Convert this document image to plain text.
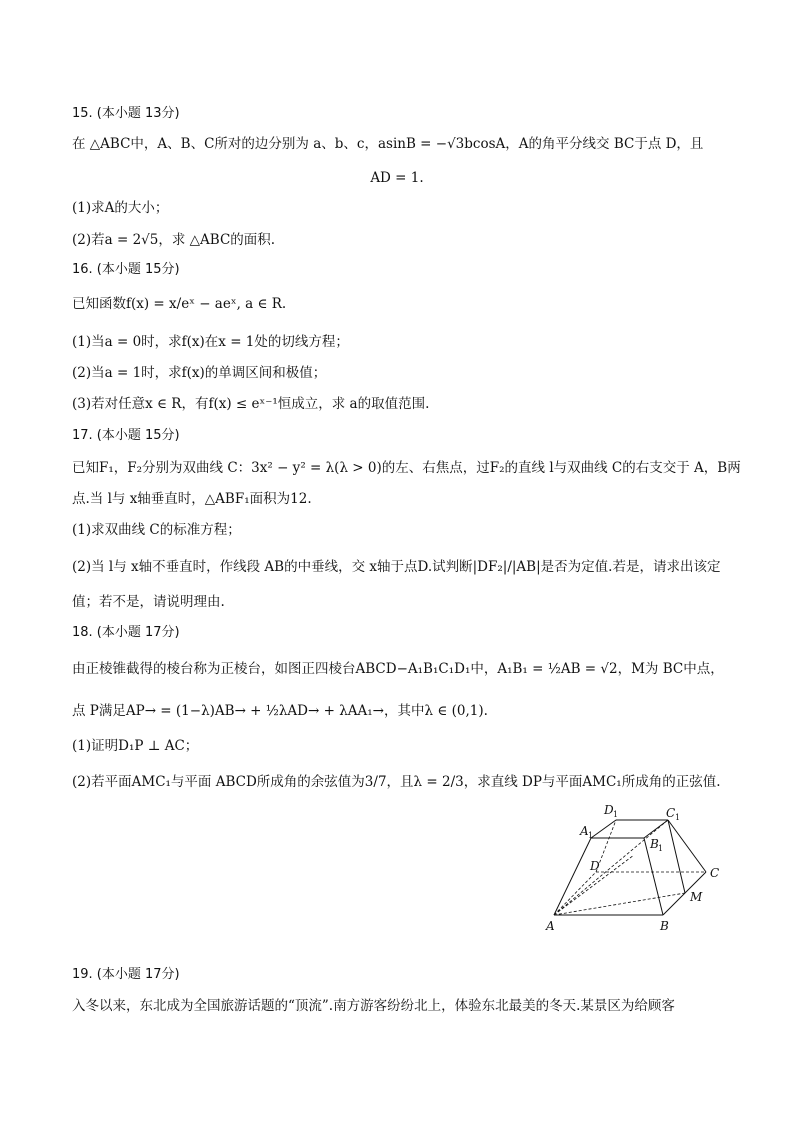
15. (本小题 13分)
在 △ABC中，A、B、C所对的边分别为 a、b、c，asinB = −√3bcosA，A的角平分线交 BC于点 D，且
AD = 1.
(1)求A的大小；
(2)若a = 2√5，求 △ABC的面积.
16. (本小题 15分)
已知函数f(x) = x/eˣ − aeˣ, a ∈ R.
(1)当a = 0时，求f(x)在x = 1处的切线方程；
(2)当a = 1时，求f(x)的单调区间和极值；
(3)若对任意x ∈ R，有f(x) ≤ eˣ⁻¹恒成立，求 a的取值范围.
17. (本小题 15分)
已知F₁，F₂分别为双曲线 C：3x² − y² = λ(λ > 0)的左、右焦点，过F₂的直线 l与双曲线 C的右支交于 A，B两
点.当 l与 x轴垂直时，△ABF₁面积为12.
(1)求双曲线 C的标准方程；
(2)当 l与 x轴不垂直时，作线段 AB的中垂线，交 x轴于点D.试判断|DF₂|/|AB|是否为定值.若是，请求出该定
值；若不是，请说明理由.
18. (本小题 17分)
由正棱锥截得的棱台称为正棱台，如图正四棱台ABCD−A₁B₁C₁D₁中，A₁B₁ = ½AB = √2，M为 BC中点，
点 P满足AP→ = (1−λ)AB→ + ½λAD→ + λAA₁→，其中λ ∈ (0,1).
(1)证明D₁P ⊥ AC；
(2)若平面AMC₁与平面 ABCD所成角的余弦值为3/7，且λ = 2/3，求直线 DP与平面AMC₁所成角的正弦值.
A	B
C
D
M
A 1
B 1
C 1
D 1
19. (本小题 17分)
入冬以来，东北成为全国旅游话题的“顶流”.南方游客纷纷北上，体验东北最美的冬天.某景区为给顾客
